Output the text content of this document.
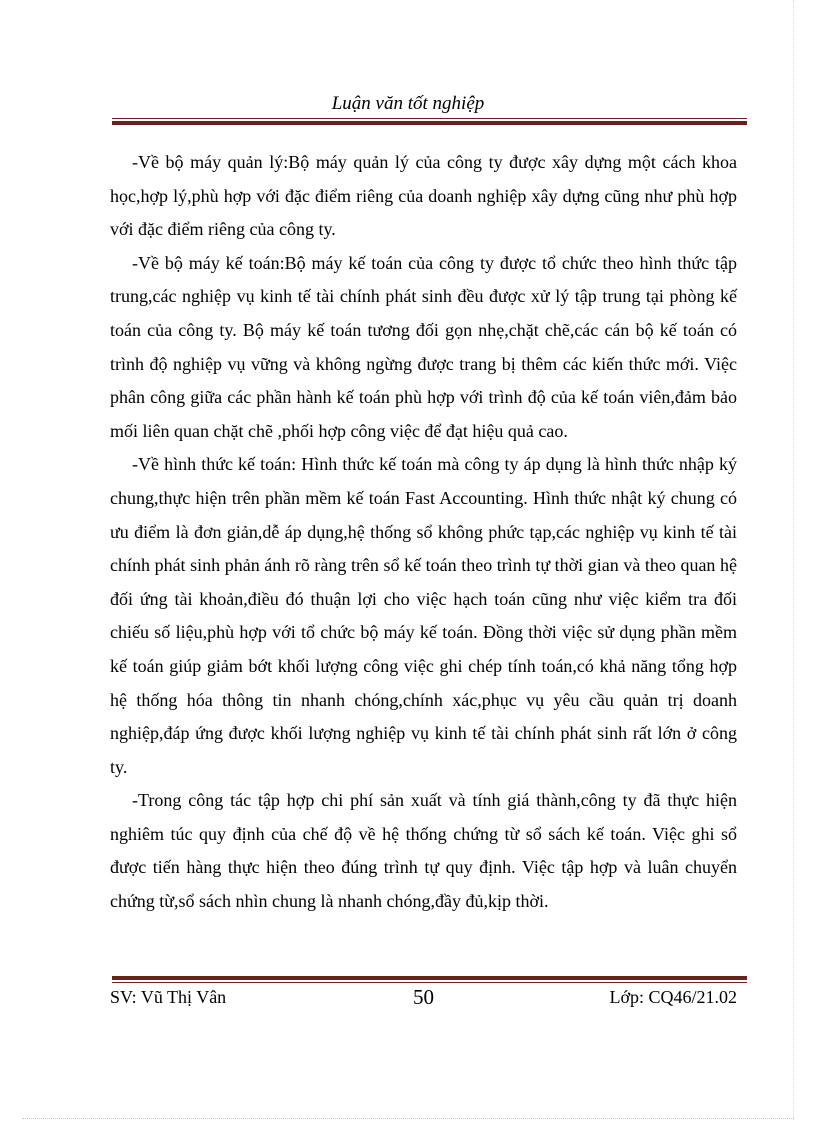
Luận văn tốt nghiệp

-Về bộ máy quản lý:Bộ máy quản lý của công ty được xây dựng một cách khoa học,hợp lý,phù hợp với đặc điểm riêng của doanh nghiệp xây dựng cũng như phù hợp với đặc điểm riêng của công ty.

-Về bộ máy kế toán:Bộ máy kế toán của công ty được tổ chức theo hình thức tập trung,các nghiệp vụ kinh tế tài chính phát sinh đều được xử lý tập trung tại phòng kế toán của công ty. Bộ máy kế toán tương đối gọn nhẹ,chặt chẽ,các cán bộ kế toán có trình độ nghiệp vụ vững và không ngừng được trang bị thêm các kiến thức mới. Việc phân công giữa các phần hành kế toán phù hợp với trình độ của kế toán viên,đảm bảo mối liên quan chặt chẽ ,phối hợp công việc để đạt hiệu quả cao.

-Về hình thức kế toán: Hình thức kế toán mà công ty áp dụng là hình thức nhập ký chung,thực hiện trên phần mềm kế toán Fast Accounting. Hình thức nhật ký chung có ưu điểm là đơn giản,dễ áp dụng,hệ thống sổ không phức tạp,các nghiệp vụ kinh tế tài chính phát sinh phản ánh rõ ràng trên sổ kế toán theo trình tự thời gian và theo quan hệ đối ứng tài khoản,điều đó thuận lợi cho việc hạch toán cũng như việc kiểm tra đối chiếu số liệu,phù hợp với tổ chức bộ máy kế toán. Đồng thời việc sử dụng phần mềm kế toán giúp giảm bớt khối lượng công việc ghi chép tính toán,có khả năng tổng hợp hệ thống hóa thông tin nhanh chóng,chính xác,phục vụ yêu cầu quản trị doanh nghiệp,đáp ứng được khối lượng nghiệp vụ kinh tế tài chính phát sinh rất lớn ở công ty.

-Trong công tác tập hợp chi phí sản xuất và tính giá thành,công ty đã thực hiện nghiêm túc quy định của chế độ về hệ thống chứng từ sổ sách kế toán. Việc ghi sổ được tiến hàng thực hiện theo đúng trình tự quy định. Việc tập hợp và luân chuyển chứng từ,sổ sách nhìn chung là nhanh chóng,đầy đủ,kịp thời.

SV: Vũ Thị Vân	50	Lớp: CQ46/21.02
